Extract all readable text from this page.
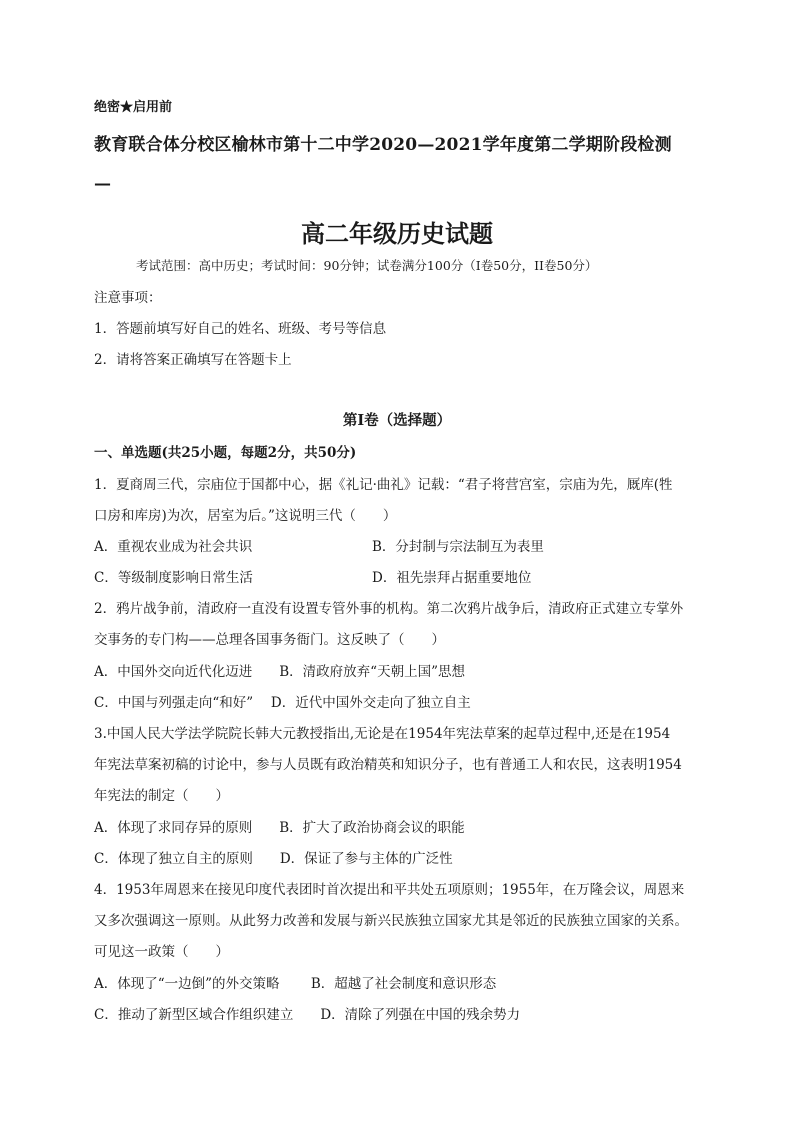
绝密★启用前
教育联合体分校区榆林市第十二中学2020—2021学年度第二学期阶段检测
—
高二年级历史试题
考试范围：高中历史；考试时间：90分钟；试卷满分100分（I卷50分，II卷50分）
注意事项：
1．答题前填写好自己的姓名、班级、考号等信息
2．请将答案正确填写在答题卡上
第I卷（选择题）
一、单选题(共25小题，每题2分，共50分)
1．夏商周三代，宗庙位于国都中心，据《礼记·曲礼》记载：“君子将营宫室，宗庙为先，厩库(牲
口房和库房)为次，居室为后。”这说明三代（　　）
A．重视农业成为社会共识	B．分封制与宗法制互为表里
C．等级制度影响日常生活	D．祖先崇拜占据重要地位
2．鸦片战争前，清政府一直没有设置专管外事的机构。第二次鸦片战争后，清政府正式建立专掌外
交事务的专门构——总理各国事务衙门。这反映了（　　）
A．中国外交向近代化迈进　　B．清政府放弃“天朝上国”思想
C．中国与列强走向“和好”　 D．近代中国外交走向了独立自主
3.中国人民大学法学院院长韩大元教授指出,无论是在1954年宪法草案的起草过程中,还是在1954
年宪法草案初稿的讨论中，参与人员既有政治精英和知识分子，也有普通工人和农民，这表明1954
年宪法的制定（　　）
A．体现了求同存异的原则　　B．扩大了政治协商会议的职能
C．体现了独立自主的原则　　D．保证了参与主体的广泛性
4．1953年周恩来在接见印度代表团时首次提出和平共处五项原则；1955年，在万隆会议，周恩来
又多次强调这一原则。从此努力改善和发展与新兴民族独立国家尤其是邻近的民族独立国家的关系。
可见这一政策（　　）
A．体现了“一边倒”的外交策略　　 B．超越了社会制度和意识形态
C．推动了新型区域合作组织建立　　D．清除了列强在中国的残余势力
